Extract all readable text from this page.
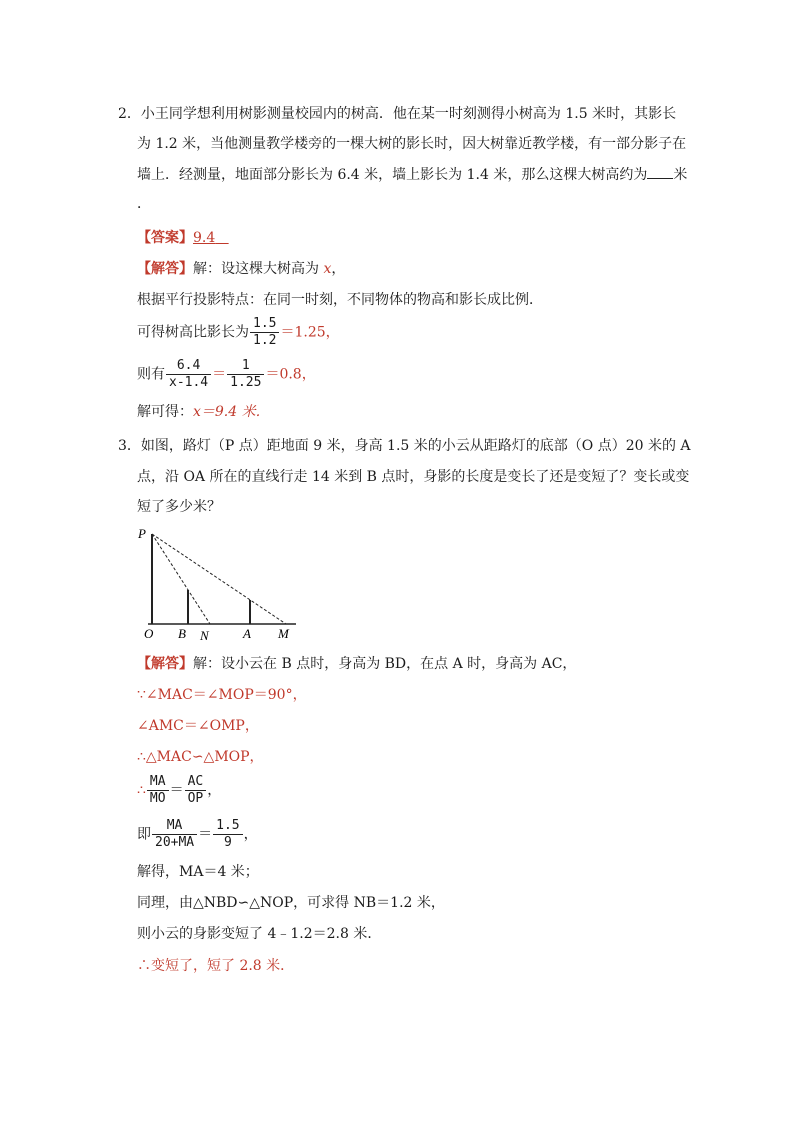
2．小王同学想利用树影测量校园内的树高．他在某一时刻测得小树高为 1.5 米时，其影长
为 1.2 米，当他测量教学楼旁的一棵大树的影长时，因大树靠近教学楼，有一部分影子在
墙上．经测量，地面部分影长为 6.4 米，墙上影长为 1.4 米，那么这棵大树高约为 米
．
【答案】9.4
【解答】解：设这棵大树高为 x，
根据平行投影特点：在同一时刻，不同物体的物高和影长成比例．
可得树高比影长为 $\frac{1.5}{1.2} =1.25$，
则有 $\frac{6.4}{x-1.4} = \frac{1}{1.25} =0.8$，
解可得：x＝9.4 米．
3．如图，路灯（P 点）距地面 9 米，身高 1.5 米的小云从距路灯的底部（O 点）20 米的 A
点，沿 OA 所在的直线行走 14 米到 B 点时，身影的长度是变长了还是变短了？变长或变
短了多少米？
P
O B N	A M
【解答】解：设小云在 B 点时，身高为 BD，在点 A 时，身高为 AC，
∵∠MAC＝∠MOP＝90°，
∠AMC＝∠OMP，
∴△MAC∽△MOP，
∴ $\frac{MA}{MO} = \frac{AC}{OP}$ ，
即 $\frac{MA}{20+MA} = \frac{1.5}{9}$ ，
解得，MA＝4 米；
同理，由△NBD∽△NOP，可求得 NB＝1.2 米，
则小云的身影变短了 4﹣1.2＝2.8 米．
∴变短了，短了 2.8 米．
